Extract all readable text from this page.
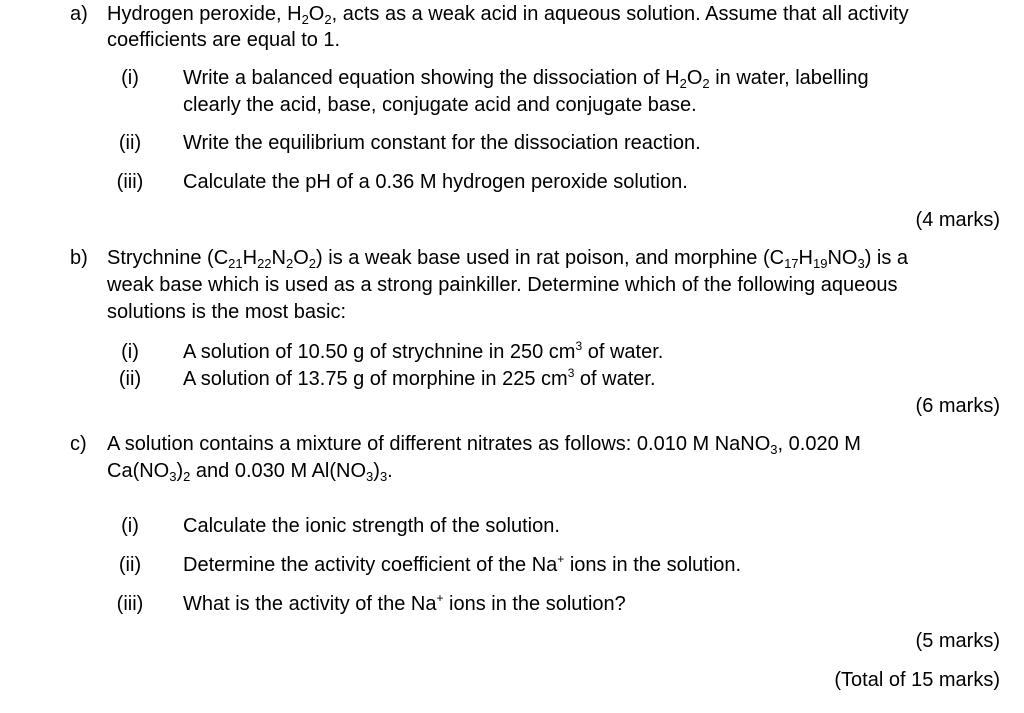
a) Hydrogen peroxide, $H_2O_2$, acts as a weak acid in aqueous solution. Assume that all activity
coefficients are equal to 1.
(i)	Write a balanced equation showing the dissociation of $H_2O_2$ in water, labelling
clearly the acid, base, conjugate acid and conjugate base.
(ii)	Write the equilibrium constant for the dissociation reaction.
(iii)	Calculate the pH of a 0.36 M hydrogen peroxide solution.
(4 marks)
b) Strychnine $(C_{21}H_{22}N_2O_2)$ is a weak base used in rat poison, and morphine $(C_{17}H_{19}NO_3)$ is a
weak base which is used as a strong painkiller. Determine which of the following aqueous
solutions is the most basic:
(i)	A solution of 10.50 g of strychnine in 250 $cm^3$ of water.
(ii)	A solution of 13.75 g of morphine in 225 $cm^3$ of water.
(6 marks)
c) A solution contains a mixture of different nitrates as follows: 0.010 M NaNO$_3$, 0.020 M
$Ca(NO_3)_2$ and 0.030 M $Al(NO_3)_3$.
(i)	Calculate the ionic strength of the solution.
(ii)	Determine the activity coefficient of the Na+ ions in the solution.
(iii)	What is the activity of the Na+ ions in the solution?
(5 marks)
(Total of 15 marks)
